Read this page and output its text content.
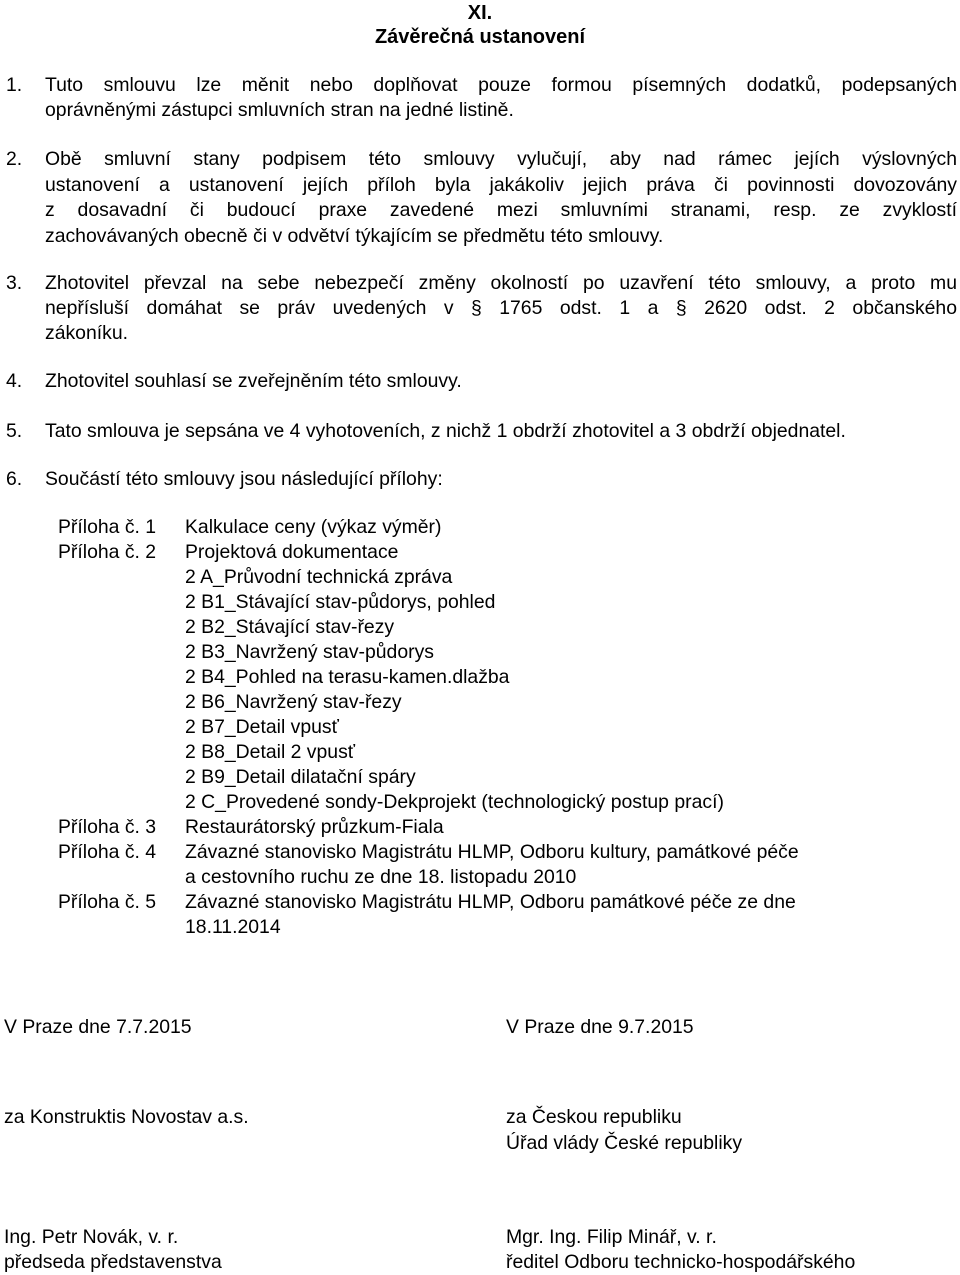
XI.
Závěrečná ustanovení
1. Tuto smlouvu lze měnit nebo doplňovat pouze formou písemných dodatků, podepsaných
oprávněnými zástupci smluvních stran na jedné listině.
2. Obě smluvní stany podpisem této smlouvy vylučují, aby nad rámec jejích výslovných
ustanovení a ustanovení jejích příloh byla jakákoliv jejich práva či povinnosti dovozovány
z dosavadní či budoucí praxe zavedené mezi smluvními stranami, resp. ze zvyklostí
zachovávaných obecně či v odvětví týkajícím se předmětu této smlouvy.
3. Zhotovitel převzal na sebe nebezpečí změny okolností po uzavření této smlouvy, a proto mu
nepřísluší domáhat se práv uvedených v § 1765 odst. 1 a § 2620 odst. 2 občanského
zákoníku.
4. Zhotovitel souhlasí se zveřejněním této smlouvy.
5. Tato smlouva je sepsána ve 4 vyhotoveních, z nichž 1 obdrží zhotovitel a 3 obdrží objednatel.
6. Součástí této smlouvy jsou následující přílohy:
Příloha č. 1 Kalkulace ceny (výkaz výměr)
Příloha č. 2 Projektová dokumentace
2 A_Průvodní technická zpráva
2 B1_Stávající stav-půdorys, pohled
2 B2_Stávající stav-řezy
2 B3_Navržený stav-půdorys
2 B4_Pohled na terasu-kamen.dlažba
2 B6_Navržený stav-řezy
2 B7_Detail vpusť
2 B8_Detail 2 vpusť
2 B9_Detail dilatační spáry
2 C_Provedené sondy-Dekprojekt (technologický postup prací)
Příloha č. 3 Restaurátorský průzkum-Fiala
Příloha č. 4 Závazné stanovisko Magistrátu HLMP, Odboru kultury, památkové péče
a cestovního ruchu ze dne 18. listopadu 2010
Příloha č. 5 Závazné stanovisko Magistrátu HLMP, Odboru památkové péče ze dne
18.11.2014
V Praze dne 7.7.2015
za Konstruktis Novostav a.s.
Ing. Petr Novák, v. r.
předseda představenstva
V Praze dne 9.7.2015
za Českou republiku
Úřad vlády České republiky
Mgr. Ing. Filip Minář, v. r.
ředitel Odboru technicko-hospodářského
